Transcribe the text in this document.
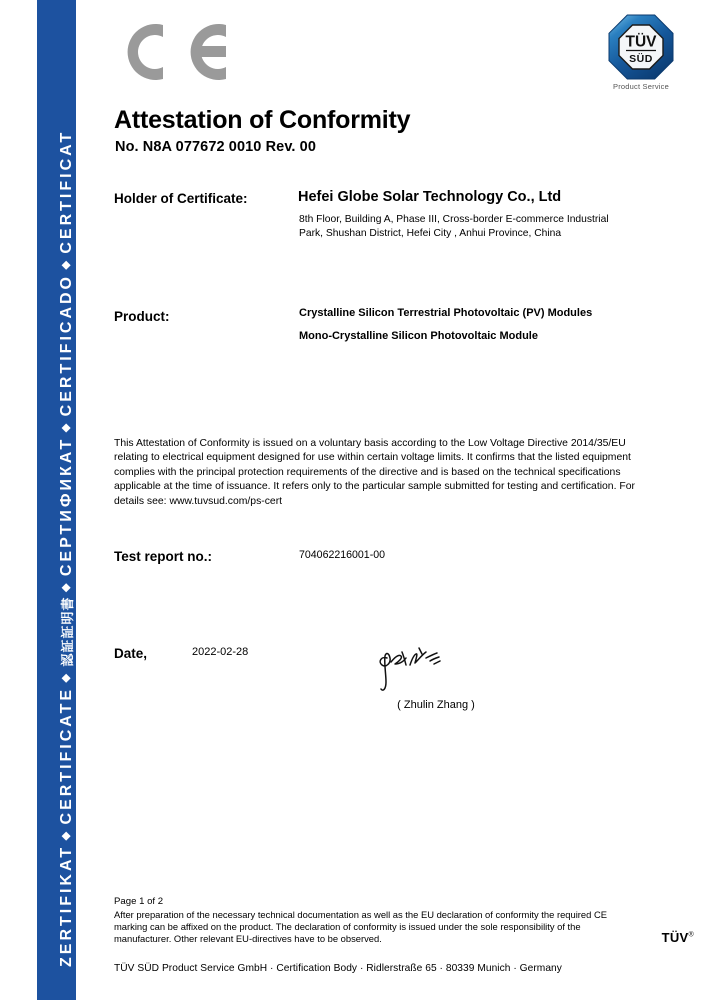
ZERTIFIKAT ◆ CERTIFICATE ◆ 認証証明書 ◆ СЕРТИФИКАТ ◆ CERTIFICADO ◆ CERTIFICAT
TÜV
SÜD
Product Service
Attestation of Conformity
No. N8A 077672 0010 Rev. 00
Holder of Certificate:	Hefei Globe Solar Technology Co., Ltd
8th Floor, Building A, Phase III, Cross-border E-commerce Industrial Park, Shushan District, Hefei City , Anhui Province, China
Product:	Crystalline Silicon Terrestrial Photovoltaic (PV) Modules
Mono-Crystalline Silicon Photovoltaic Module
This Attestation of Conformity is issued on a voluntary basis according to the Low Voltage Directive 2014/35/EU relating to electrical equipment designed for use within certain voltage limits. It confirms that the listed equipment complies with the principal protection requirements of the directive and is based on the technical specifications applicable at the time of issuance. It refers only to the particular sample submitted for testing and certification. For details see: www.tuvsud.com/ps-cert
Test report no.:	704062216001-00
Date,	2022-02-28
( Zhulin Zhang )
Page 1 of 2
After preparation of the necessary technical documentation as well as the EU declaration of conformity the required CE marking can be affixed on the product. The declaration of conformity is issued under the sole responsibility of the manufacturer. Other relevant EU-directives have to be observed.
TÜV SÜD Product Service GmbH · Certification Body · Ridlerstraße 65 · 80339 Munich · Germany
TÜV®
